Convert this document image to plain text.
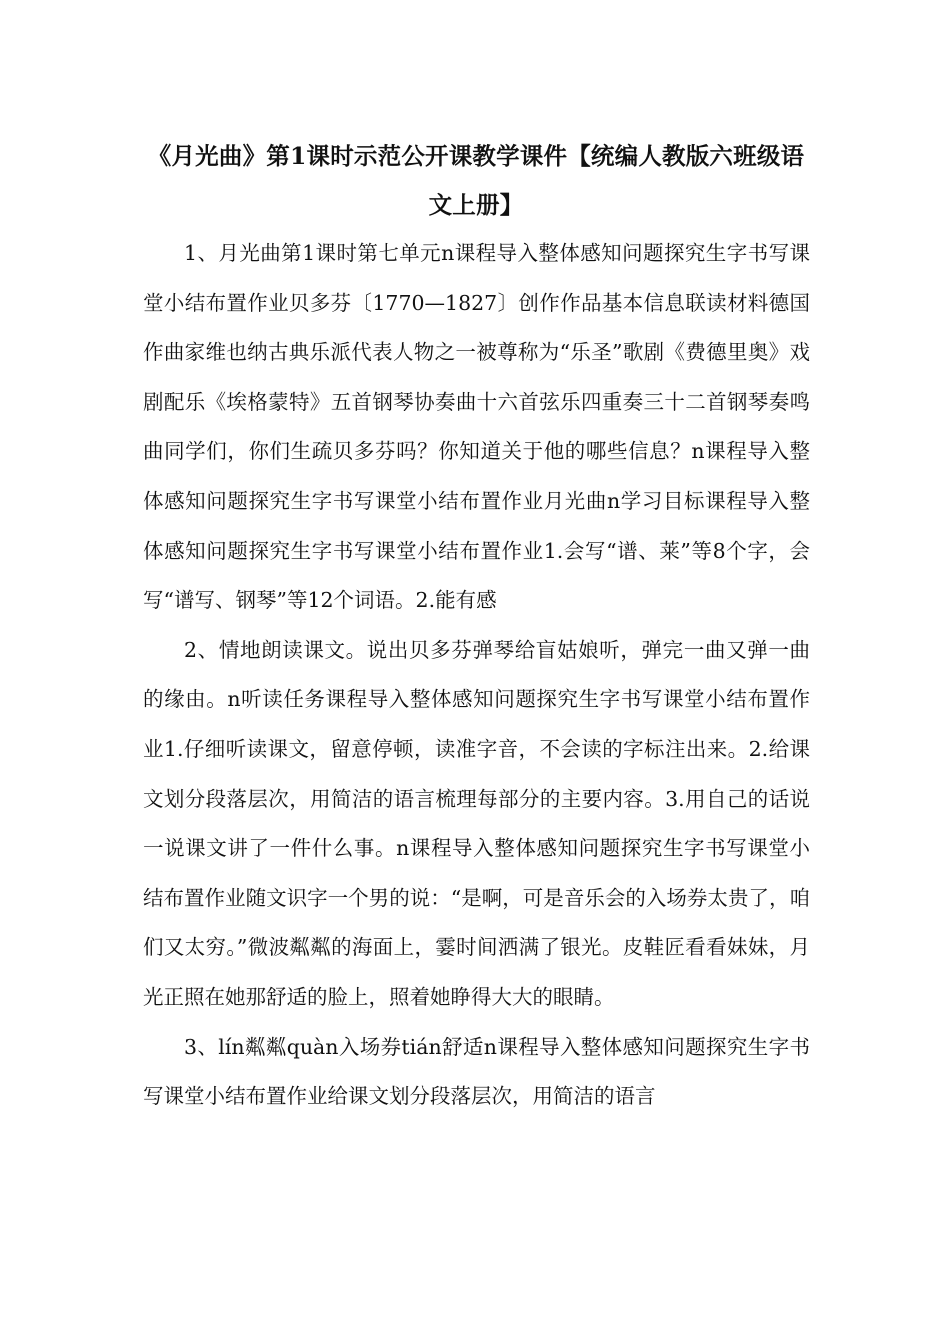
《月光曲》第1课时示范公开课教学课件【统编人教版六班级语文上册】

1、月光曲第1课时第七单元n课程导入整体感知问题探究生字书写课堂小结布置作业贝多芬〔1770—1827〕创作作品基本信息联读材料德国作曲家维也纳古典乐派代表人物之一被尊称为“乐圣”歌剧《费德里奥》戏剧配乐《埃格蒙特》五首钢琴协奏曲十六首弦乐四重奏三十二首钢琴奏鸣曲同学们，你们生疏贝多芬吗？你知道关于他的哪些信息？n课程导入整体感知问题探究生字书写课堂小结布置作业月光曲n学习目标课程导入整体感知问题探究生字书写课堂小结布置作业1.会写“谱、莱”等8个字，会写“谱写、钢琴”等12个词语。2.能有感

2、情地朗读课文。说出贝多芬弹琴给盲姑娘听，弹完一曲又弹一曲的缘由。n听读任务课程导入整体感知问题探究生字书写课堂小结布置作业1.仔细听读课文，留意停顿，读准字音，不会读的字标注出来。2.给课文划分段落层次，用简洁的语言梳理每部分的主要内容。3.用自己的话说一说课文讲了一件什么事。n课程导入整体感知问题探究生字书写课堂小结布置作业随文识字一个男的说：“是啊，可是音乐会的入场券太贵了，咱们又太穷。”微波粼粼的海面上，霎时间洒满了银光。皮鞋匠看看妹妹，月光正照在她那舒适的脸上，照着她睁得大大的眼睛。

3、lín粼粼quàn入场券tián舒适n课程导入整体感知问题探究生字书写课堂小结布置作业给课文划分段落层次，用简洁的语言
